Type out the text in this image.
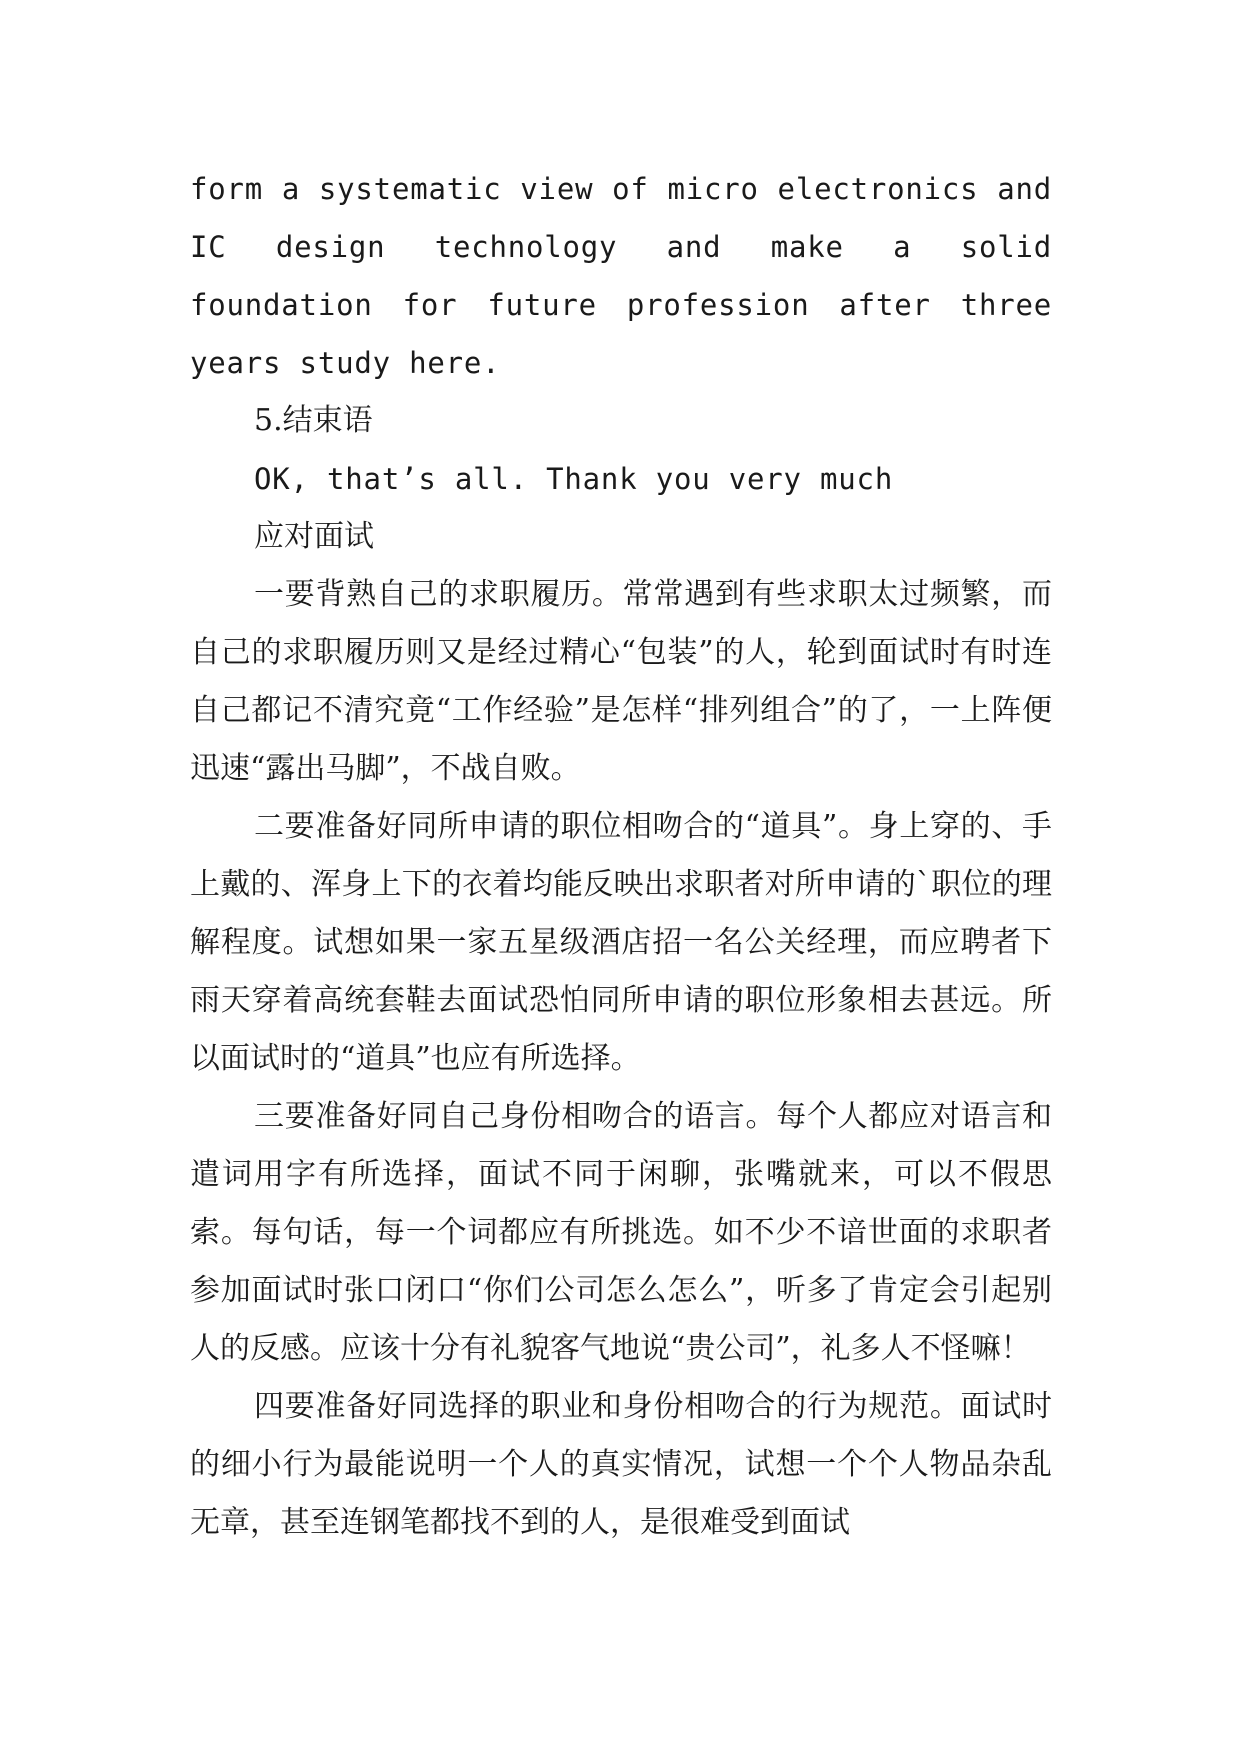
form a systematic view of micro electronics and IC design technology and make a solid foundation for future profession after three years study here.

5.结束语

OK, that’s all. Thank you very much

应对面试

一要背熟自己的求职履历。常常遇到有些求职太过频繁，而自己的求职履历则又是经过精心“包装”的人，轮到面试时有时连自己都记不清究竟“工作经验”是怎样“排列组合”的了，一上阵便迅速“露出马脚”，不战自败。

二要准备好同所申请的职位相吻合的“道具”。身上穿的、手上戴的、浑身上下的衣着均能反映出求职者对所申请的`职位的理解程度。试想如果一家五星级酒店招一名公关经理，而应聘者下雨天穿着高统套鞋去面试恐怕同所申请的职位形象相去甚远。所以面试时的“道具”也应有所选择。

三要准备好同自己身份相吻合的语言。每个人都应对语言和遣词用字有所选择，面试不同于闲聊，张嘴就来，可以不假思索。每句话，每一个词都应有所挑选。如不少不谙世面的求职者参加面试时张口闭口“你们公司怎么怎么”，听多了肯定会引起别人的反感。应该十分有礼貌客气地说“贵公司”，礼多人不怪嘛！

四要准备好同选择的职业和身份相吻合的行为规范。面试时的细小行为最能说明一个人的真实情况，试想一个个人物品杂乱无章，甚至连钢笔都找不到的人，是很难受到面试
